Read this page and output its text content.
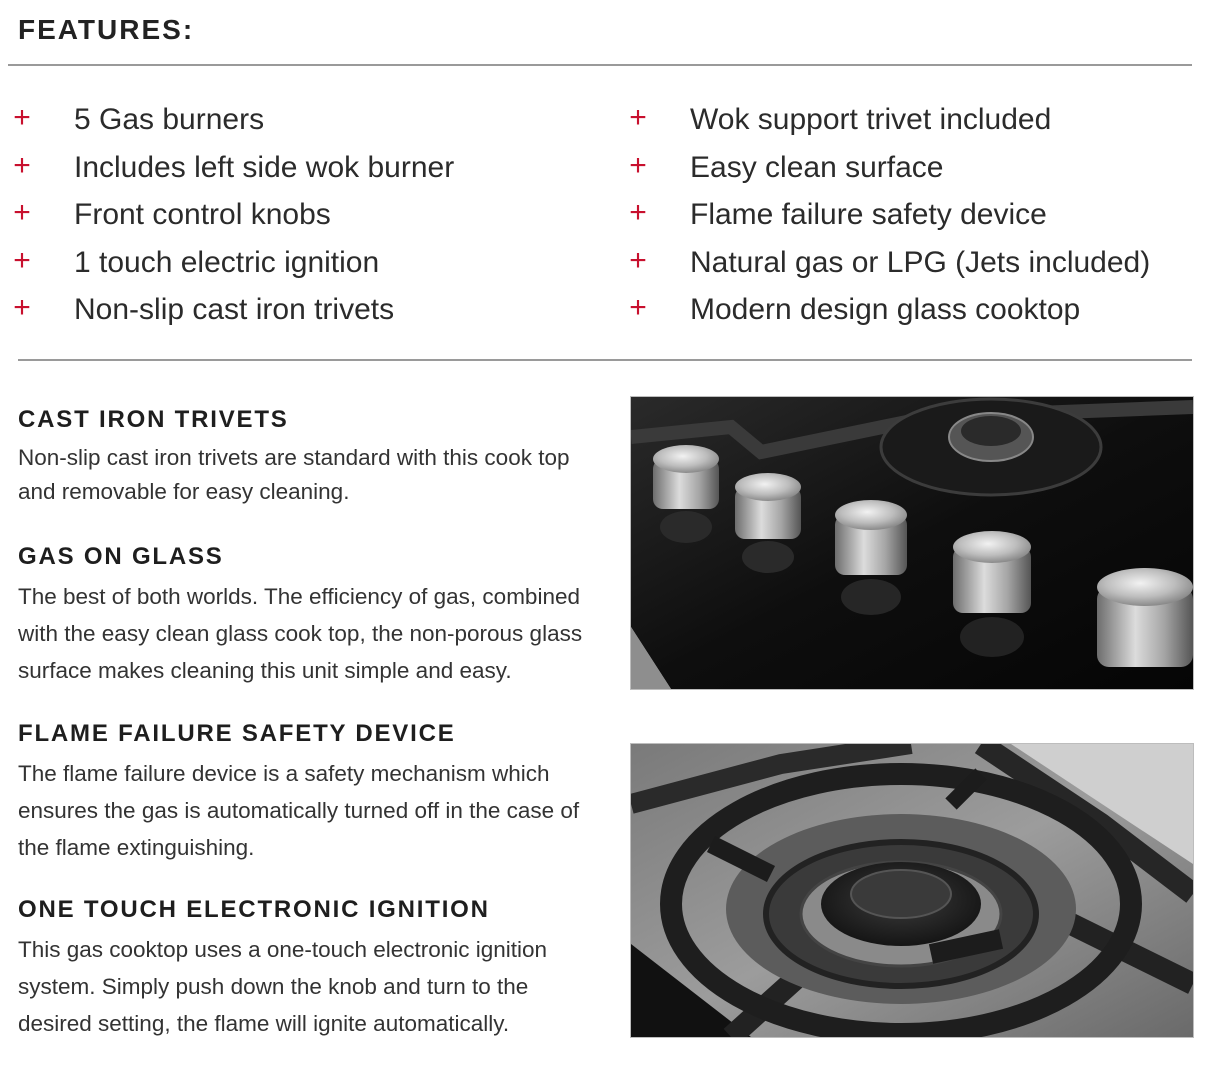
FEATURES:
+ 5 Gas burners
+ Includes left side wok burner
+ Front control knobs
+ 1 touch electric ignition
+ Non-slip cast iron trivets
+ Wok support trivet included
+ Easy clean surface
+ Flame failure safety device
+ Natural gas or LPG (Jets included)
+ Modern design glass cooktop
CAST IRON TRIVETS

Non-slip cast iron trivets are standard with this cook top
and removable for easy cleaning.

GAS ON GLASS

The best of both worlds. The efficiency of gas, combined
with the easy clean glass cook top, the non-porous glass
surface makes cleaning this unit simple and easy.

FLAME FAILURE SAFETY DEVICE

The flame failure device is a safety mechanism which
ensures the gas is automatically turned off in the case of
the flame extinguishing.

ONE TOUCH ELECTRONIC IGNITION

This gas cooktop uses a one-touch electronic ignition
system. Simply push down the knob and turn to the
desired setting, the flame will ignite automatically.
